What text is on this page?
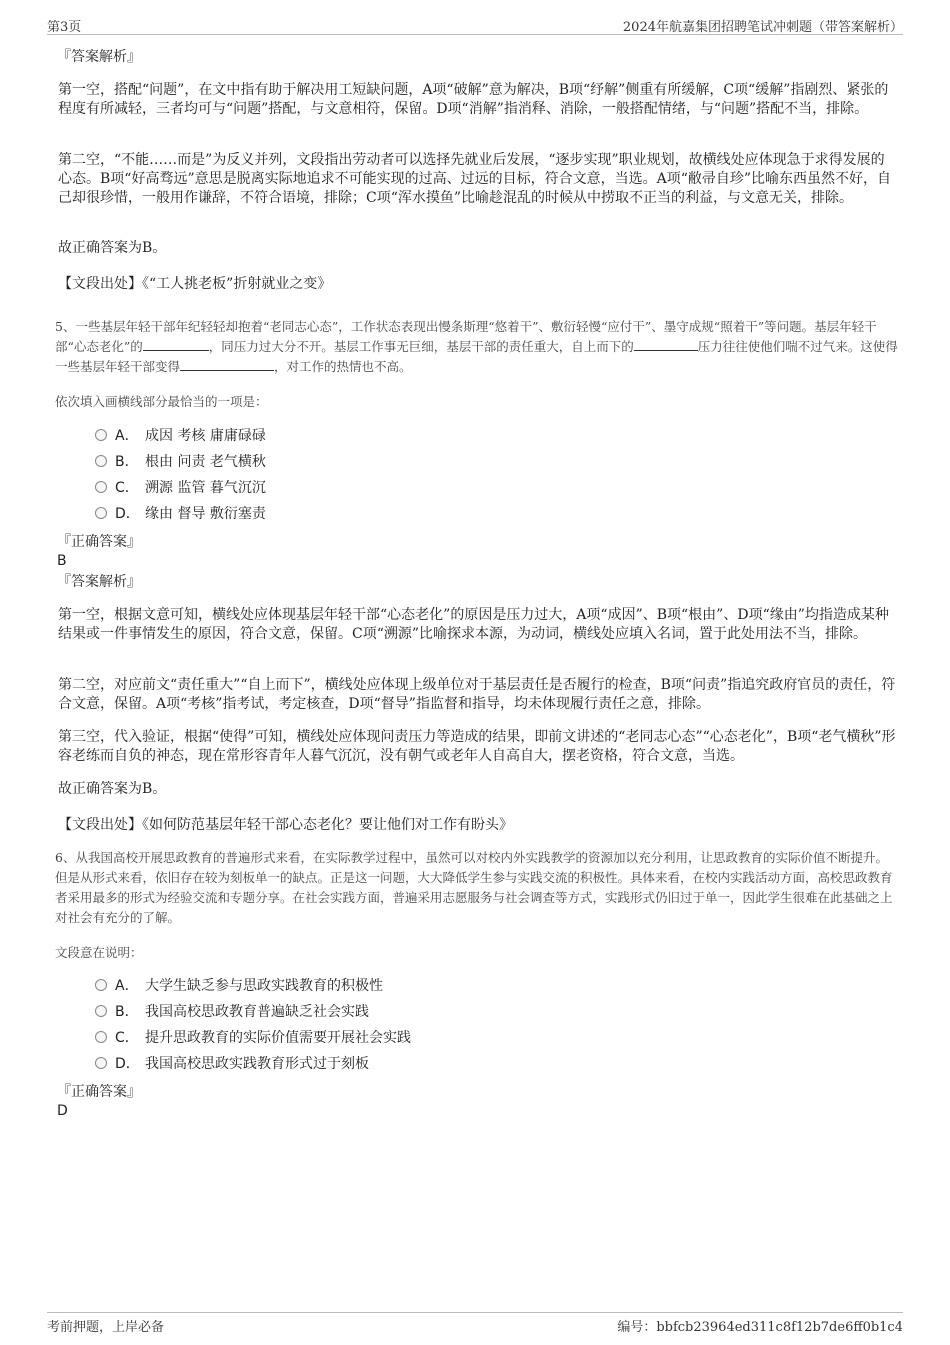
第3页	2024年航嘉集团招聘笔试冲刺题（带答案解析）
『答案解析』
第一空，搭配“问题”，在文中指有助于解决用工短缺问题，A项“破解”意为解决，B项“纾解”侧重有所缓解，C项“缓解”指剧烈、紧张的程度有所减轻，三者均可与“问题”搭配，与文意相符，保留。D项“消解”指消释、消除，一般搭配情绪，与“问题”搭配不当，排除。
第二空，“不能……而是”为反义并列，文段指出劳动者可以选择先就业后发展，“逐步实现”职业规划，故横线处应体现急于求得发展的心态。B项“好高骛远”意思是脱离实际地追求不可能实现的过高、过远的目标，符合文意，当选。A项“敝帚自珍”比喻东西虽然不好，自己却很珍惜，一般用作谦辞，不符合语境，排除；C项“浑水摸鱼”比喻趁混乱的时候从中捞取不正当的利益，与文意无关，排除。
故正确答案为B。
【文段出处】《“工人挑老板”折射就业之变》
5、一些基层年轻干部年纪轻轻却抱着“老同志心态”，工作状态表现出慢条斯理“悠着干”、敷衍轻慢“应付干”、墨守成规“照着干”等问题。基层年轻干部“心态老化”的	，同压力过大分不开。基层工作事无巨细，基层干部的责任重大，自上而下的	压力往往使他们喘不过气来。这使得一些基层年轻干部变得	，对工作的热情也不高。
依次填入画横线部分最恰当的一项是：
A． 成因 考核 庸庸碌碌
B． 根由 问责 老气横秋
C． 溯源 监管 暮气沉沉
D． 缘由 督导 敷衍塞责
『正确答案』
B
『答案解析』
第一空，根据文意可知，横线处应体现基层年轻干部“心态老化”的原因是压力过大，A项“成因”、B项“根由”、D项“缘由”均指造成某种结果或一件事情发生的原因，符合文意，保留。C项“溯源”比喻探求本源，为动词，横线处应填入名词，置于此处用法不当，排除。
第二空，对应前文“责任重大”“自上而下”，横线处应体现上级单位对于基层责任是否履行的检查，B项“问责”指追究政府官员的责任，符合文意，保留。A项“考核”指考试，考定核查，D项“督导”指监督和指导，均未体现履行责任之意，排除。
第三空，代入验证，根据“使得”可知，横线处应体现问责压力等造成的结果，即前文讲述的“老同志心态”“心态老化”，B项“老气横秋”形容老练而自负的神态，现在常形容青年人暮气沉沉，没有朝气或老年人自高自大，摆老资格，符合文意，当选。
故正确答案为B。
【文段出处】《如何防范基层年轻干部心态老化？要让他们对工作有盼头》
6、从我国高校开展思政教育的普遍形式来看，在实际教学过程中，虽然可以对校内外实践教学的资源加以充分利用，让思政教育的实际价值不断提升。但是从形式来看，依旧存在较为刻板单一的缺点。正是这一问题，大大降低学生参与实践交流的积极性。具体来看，在校内实践活动方面，高校思政教育者采用最多的形式为经验交流和专题分享。在社会实践方面，普遍采用志愿服务与社会调查等方式，实践形式仍旧过于单一，因此学生很难在此基础之上对社会有充分的了解。
文段意在说明：
A． 大学生缺乏参与思政实践教育的积极性
B． 我国高校思政教育普遍缺乏社会实践
C． 提升思政教育的实际价值需要开展社会实践
D． 我国高校思政实践教育形式过于刻板
『正确答案』
D
考前押题，上岸必备	编号：bbfcb23964ed311c8f12b7de6ff0b1c4
